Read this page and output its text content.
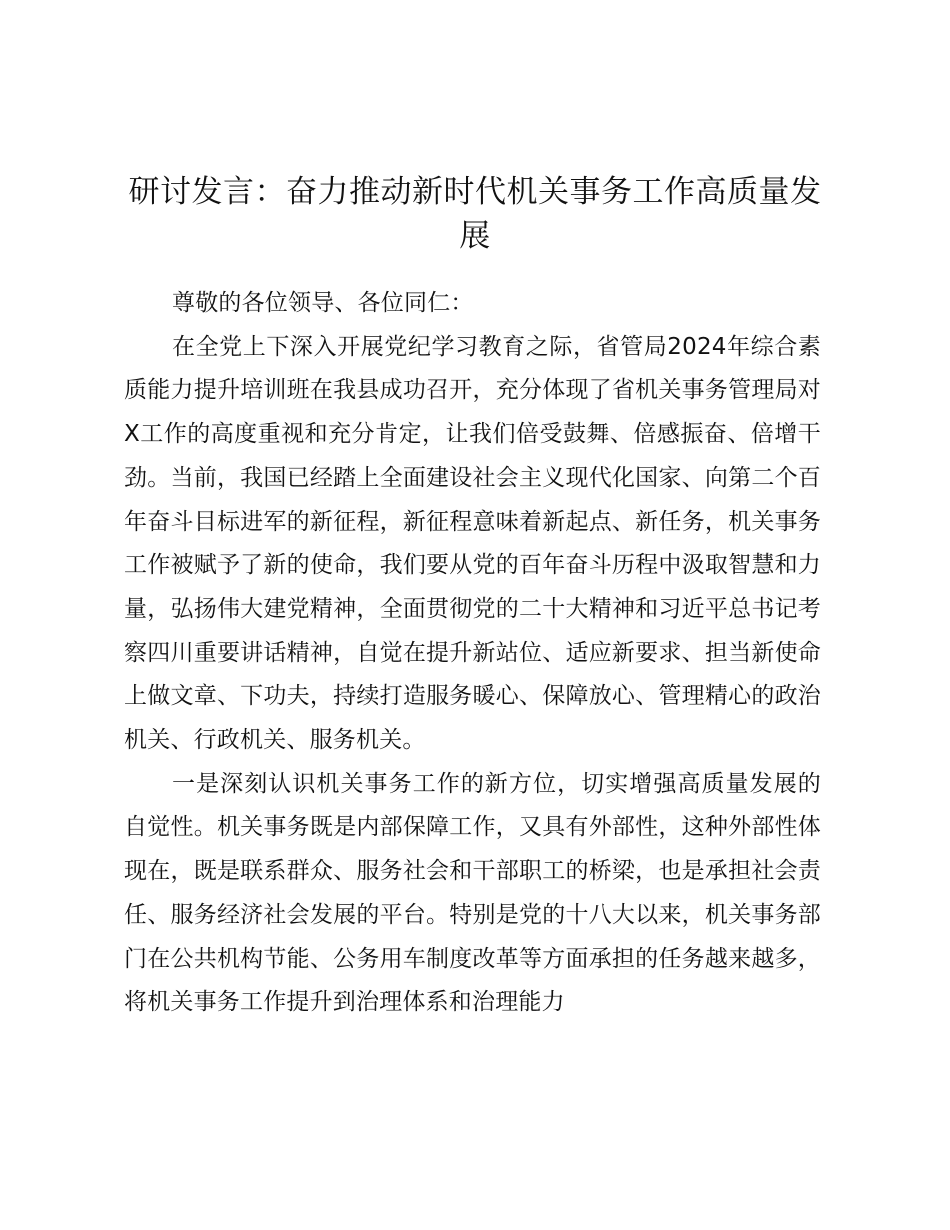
研讨发言：奋力推动新时代机关事务工作高质量发展

尊敬的各位领导、各位同仁：

在全党上下深入开展党纪学习教育之际，省管局2024年综合素质能力提升培训班在我县成功召开，充分体现了省机关事务管理局对X工作的高度重视和充分肯定，让我们倍受鼓舞、倍感振奋、倍增干劲。当前，我国已经踏上全面建设社会主义现代化国家、向第二个百年奋斗目标进军的新征程，新征程意味着新起点、新任务，机关事务工作被赋予了新的使命，我们要从党的百年奋斗历程中汲取智慧和力量，弘扬伟大建党精神，全面贯彻党的二十大精神和习近平总书记考察四川重要讲话精神，自觉在提升新站位、适应新要求、担当新使命上做文章、下功夫，持续打造服务暖心、保障放心、管理精心的政治机关、行政机关、服务机关。

一是深刻认识机关事务工作的新方位，切实增强高质量发展的自觉性。机关事务既是内部保障工作，又具有外部性，这种外部性体现在，既是联系群众、服务社会和干部职工的桥梁，也是承担社会责任、服务经济社会发展的平台。特别是党的十八大以来，机关事务部门在公共机构节能、公务用车制度改革等方面承担的任务越来越多，将机关事务工作提升到治理体系和治理能力
